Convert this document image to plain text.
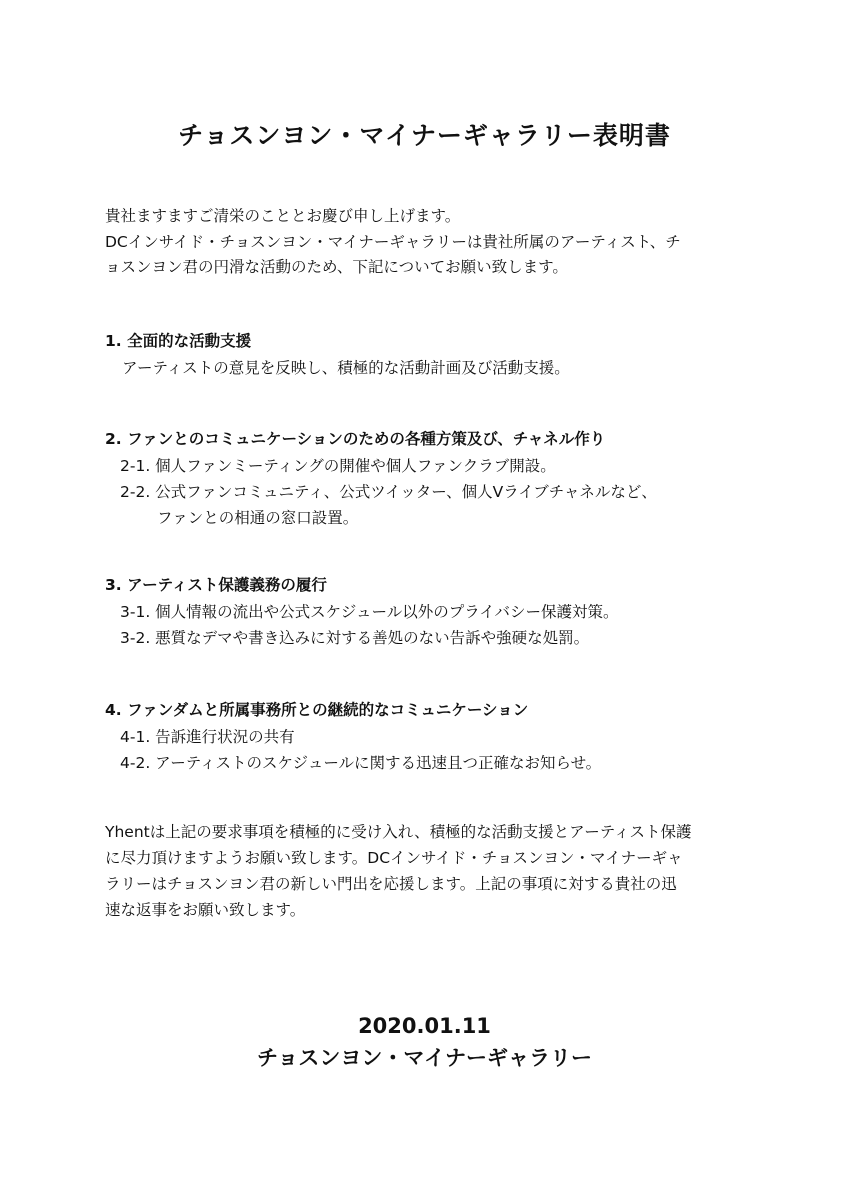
チョスンヨン・マイナーギャラリー表明書

貴社ますますご清栄のこととお慶び申し上げます。

DCインサイド・チョスンヨン・マイナーギャラリーは貴社所属のアーティスト、チ

ョスンヨン君の円滑な活動のため、下記についてお願い致します。

1. 全面的な活動支援

アーティストの意見を反映し、積極的な活動計画及び活動支援。

2. ファンとのコミュニケーションのための各種方策及び、チャネル作り

2-1. 個人ファンミーティングの開催や個人ファンクラブ開設。

2-2. 公式ファンコミュニティ、公式ツイッター、個人Vライブチャネルなど、

ファンとの相通の窓口設置。

3. アーティスト保護義務の履行

3-1. 個人情報の流出や公式スケジュール以外のプライバシー保護対策。

3-2. 悪質なデマや書き込みに対する善処のない告訴や強硬な処罰。

4. ファンダムと所属事務所との継続的なコミュニケーション

4-1. 告訴進行状況の共有

4-2. アーティストのスケジュールに関する迅速且つ正確なお知らせ。

Yhentは上記の要求事項を積極的に受け入れ、積極的な活動支援とアーティスト保護

に尽力頂けますようお願い致します。DCインサイド・チョスンヨン・マイナーギャ

ラリーはチョスンヨン君の新しい門出を応援します。上記の事項に対する貴社の迅

速な返事をお願い致します。

2020.01.11
チョスンヨン・マイナーギャラリー
